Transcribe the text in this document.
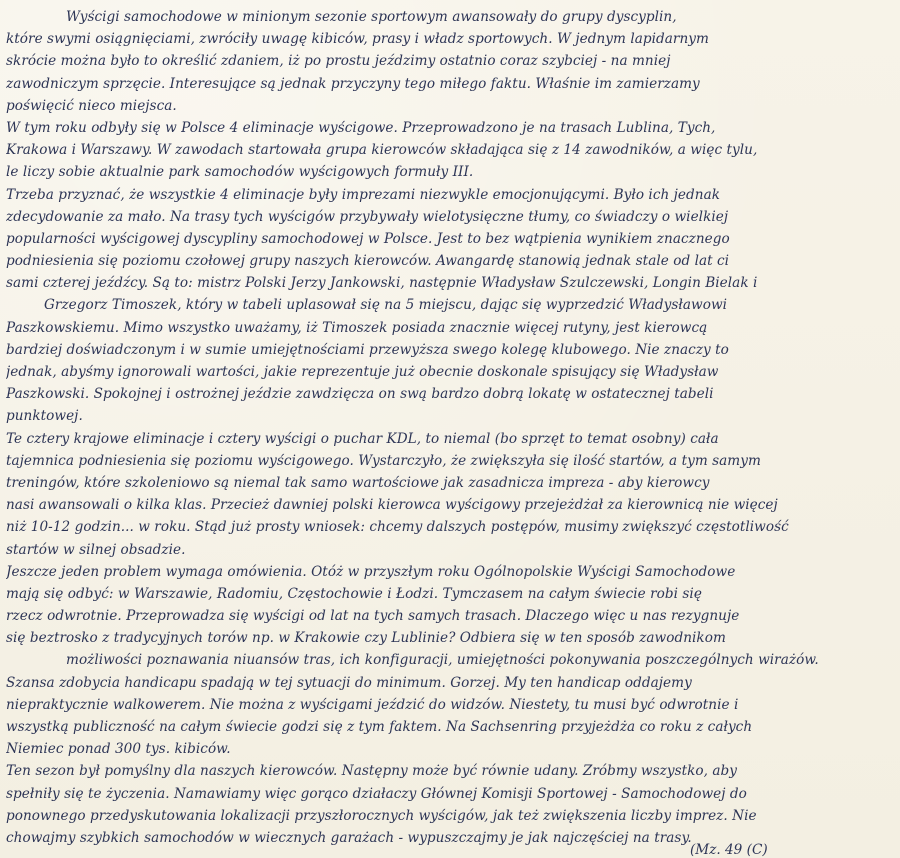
Wyścigi samochodowe w minionym sezonie sportowym awansowały do grupy dyscyplin,
które swymi osiągnięciami, zwróciły uwagę kibiców, prasy i władz sportowych. W jednym lapidarnym
skrócie można było to określić zdaniem, iż po prostu jeździmy ostatnio coraz szybciej - na mniej
zawodniczym sprzęcie. Interesujące są jednak przyczyny tego miłego faktu. Właśnie im zamierzamy
poświęcić nieco miejsca.
W tym roku odbyły się w Polsce 4 eliminacje wyścigowe. Przeprowadzono je na trasach Lublina, Tych,
Krakowa i Warszawy. W zawodach startowała grupa kierowców składająca się z 14 zawodników, a więc tylu,
le liczy sobie aktualnie park samochodów wyścigowych formuły III.
Trzeba przyznać, że wszystkie 4 eliminacje były imprezami niezwykle emocjonującymi. Było ich jednak
zdecydowanie za mało. Na trasy tych wyścigów przybywały wielotysięczne tłumy, co świadczy o wielkiej
popularności wyścigowej dyscypliny samochodowej w Polsce. Jest to bez wątpienia wynikiem znacznego
podniesienia się poziomu czołowej grupy naszych kierowców. Awangardę stanowią jednak stale od lat ci
sami czterej jeźdźcy. Są to: mistrz Polski Jerzy Jankowski, następnie Władysław Szulczewski, Longin Bielak i
Grzegorz Timoszek, który w tabeli uplasował się na 5 miejscu, dając się wyprzedzić Władysławowi
Paszkowskiemu. Mimo wszystko uważamy, iż Timoszek posiada znacznie więcej rutyny, jest kierowcą
bardziej doświadczonym i w sumie umiejętnościami przewyższa swego kolegę klubowego. Nie znaczy to
jednak, abyśmy ignorowali wartości, jakie reprezentuje już obecnie doskonale spisujący się Władysław
Paszkowski. Spokojnej i ostrożnej jeździe zawdzięcza on swą bardzo dobrą lokatę w ostatecznej tabeli
punktowej.
Te cztery krajowe eliminacje i cztery wyścigi o puchar KDL, to niemal (bo sprzęt to temat osobny) cała
tajemnica podniesienia się poziomu wyścigowego. Wystarczyło, że zwiększyła się ilość startów, a tym samym
treningów, które szkoleniowo są niemal tak samo wartościowe jak zasadnicza impreza - aby kierowcy
nasi awansowali o kilka klas. Przecież dawniej polski kierowca wyścigowy przejeżdżał za kierownicą nie więcej
niż 10-12 godzin... w roku. Stąd już prosty wniosek: chcemy dalszych postępów, musimy zwiększyć częstotliwość
startów w silnej obsadzie.
Jeszcze jeden problem wymaga omówienia. Otóż w przyszłym roku Ogólnopolskie Wyścigi Samochodowe
mają się odbyć: w Warszawie, Radomiu, Częstochowie i Łodzi. Tymczasem na całym świecie robi się
rzecz odwrotnie. Przeprowadza się wyścigi od lat na tych samych trasach. Dlaczego więc u nas rezygnuje
się beztrosko z tradycyjnych torów np. w Krakowie czy Lublinie? Odbiera się w ten sposób zawodnikom
możliwości poznawania niuansów tras, ich konfiguracji, umiejętności pokonywania poszczególnych wirażów.
Szansa zdobycia handicapu spadają w tej sytuacji do minimum. Gorzej. My ten handicap oddajemy
niepraktycznie walkowerem. Nie można z wyścigami jeździć do widzów. Niestety, tu musi być odwrotnie i
wszystką publiczność na całym świecie godzi się z tym faktem. Na Sachsenring przyjeżdża co roku z całych
Niemiec ponad 300 tys. kibiców.
Ten sezon był pomyślny dla naszych kierowców. Następny może być równie udany. Zróbmy wszystko, aby
spełniły się te życzenia. Namawiamy więc gorąco działaczy Głównej Komisji Sportowej - Samochodowej do
ponownego przedyskutowania lokalizacji przyszłorocznych wyścigów, jak też zwiększenia liczby imprez. Nie
chowajmy szybkich samochodów w wiecznych garażach - wypuszczajmy je jak najczęściej na trasy.
(Mz. 49 (C)
